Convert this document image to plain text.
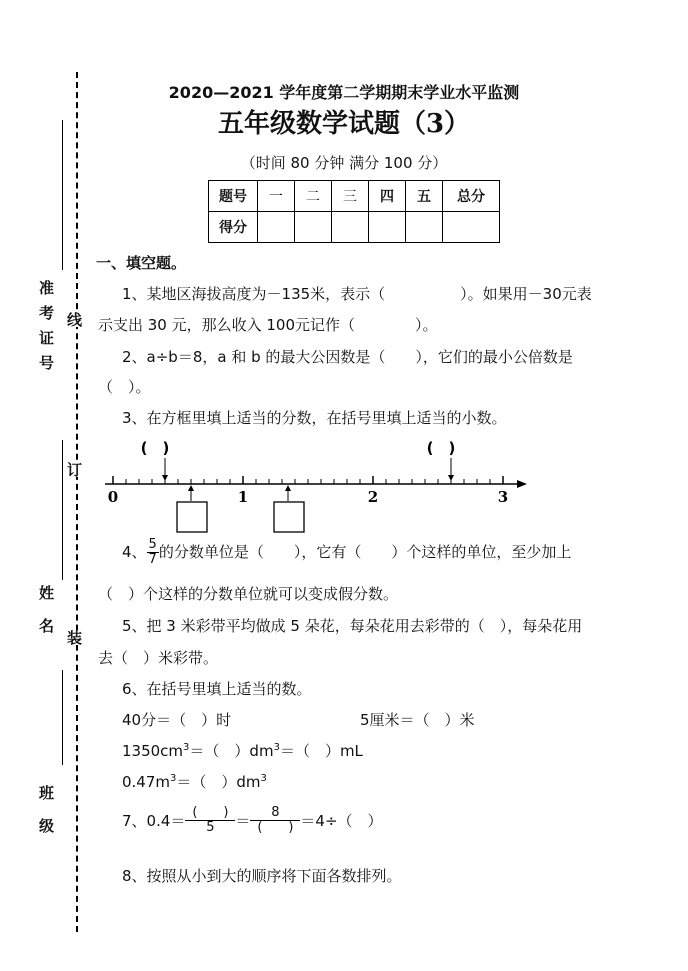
准考证号
姓名
班级
线
订
装
2020—2021 学年度第二学期期末学业水平监测
五年级数学试题（3）
（时间 80 分钟 满分 100 分）
题号	一	二	三	四	五	总分
得分						
一、填空题。
1、某地区海拔高度为－135米，表示（　　　　　）。如果用－30元表
示支出 30 元，那么收入 100元记作（　　　　）。
2、a÷b＝8，a 和 b 的最大公因数是（　　），它们的最小公倍数是
（　）。
3、在方框里填上适当的分数，在括号里填上适当的小数。
(　)	(　)
0	1	2	3
4、 $\frac{5}{7}$ 的分数单位是（　　），它有（　　）个这样的单位，至少加上
（　）个这样的分数单位就可以变成假分数。
5、把 3 米彩带平均做成 5 朵花，每朵花用去彩带的（　），每朵花用
去（　）米彩带。
6、在括号里填上适当的数。
40分＝（　）时	5厘米＝（　）米
$1350cm^3=$（　）$dm^3=$（　）mL
$0.47m^3=$（　）$dm^3$
7、$0.4= \frac{( )}{5} = \frac{8}{( )} =4\div$（　）
8、按照从小到大的顺序将下面各数排列。
